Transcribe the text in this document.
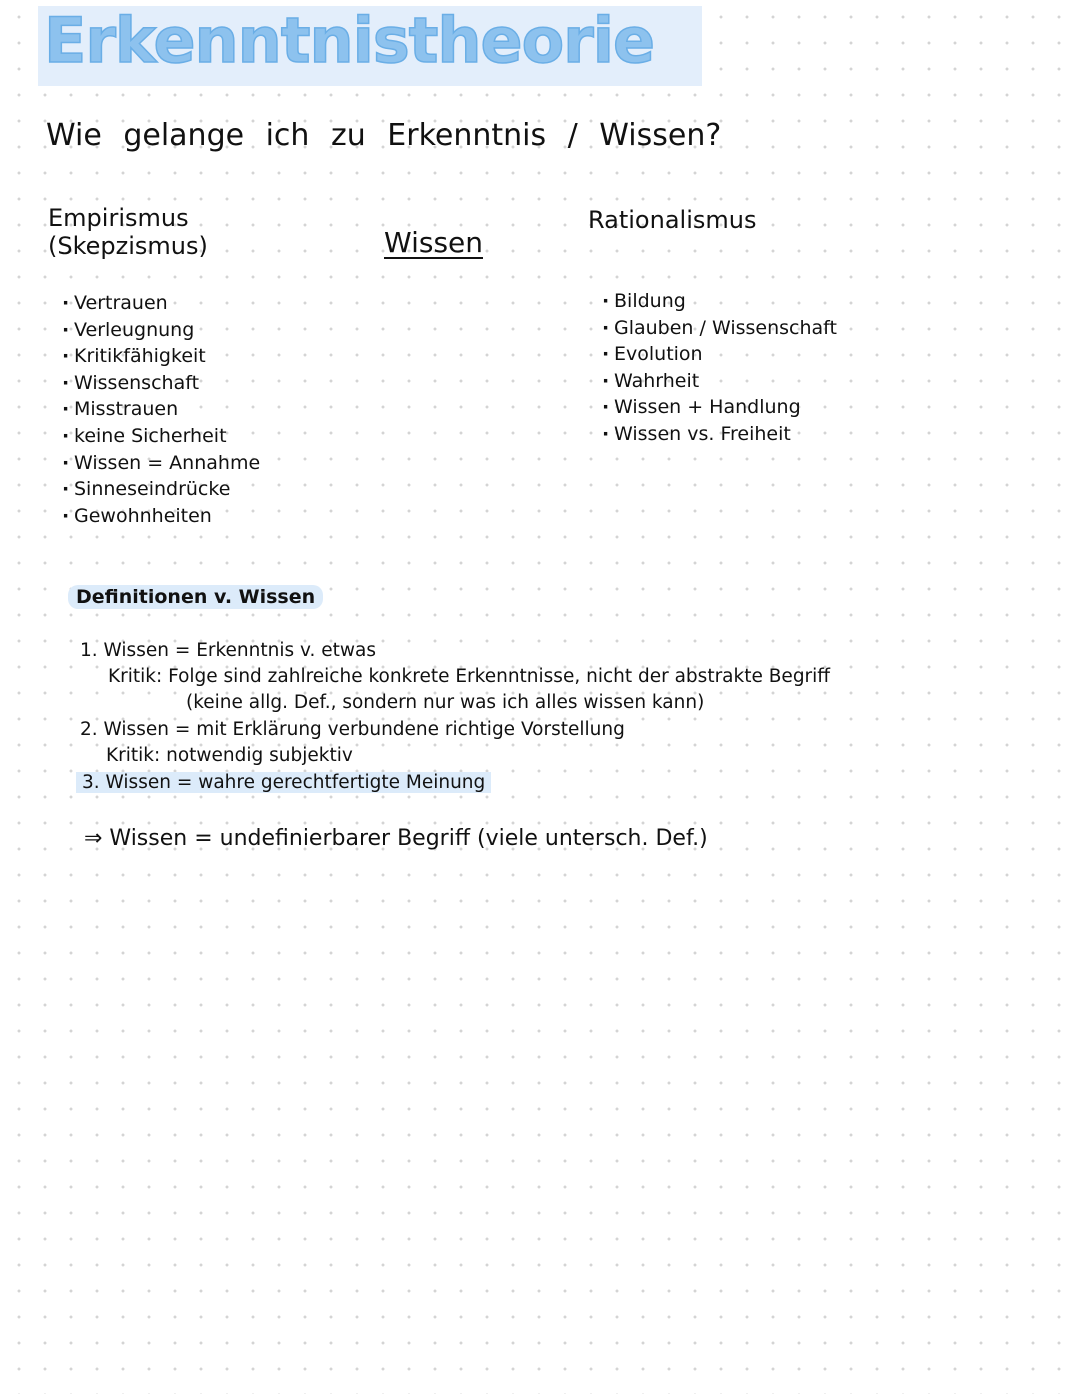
Erkenntnistheorie
Wie gelange ich zu Erkenntnis / Wissen?
Empirismus
(Skepzismus)	Wissen
Rationalismus
· Vertrauen
· Verleugnung
· Kritikfähigkeit
· Wissenschaft
· Misstrauen
· keine Sicherheit
· Wissen = Annahme
· Sinneseindrücke
· Gewohnheiten
· Bildung
· Glauben / Wissenschaft
· Evolution
· Wahrheit
· Wissen + Handlung
· Wissen vs. Freiheit
Definitionen v. Wissen
1. Wissen = Erkenntnis v. etwas
Kritik: Folge sind zahlreiche konkrete Erkenntnisse, nicht der abstrakte Begriff
(keine allg. Def., sondern nur was ich alles wissen kann)
2. Wissen = mit Erklärung verbundene richtige Vorstellung
Kritik: notwendig subjektiv
3. Wissen = wahre gerechtfertigte Meinung
⇒ Wissen = undefinierbarer Begriff (viele untersch. Def.)
